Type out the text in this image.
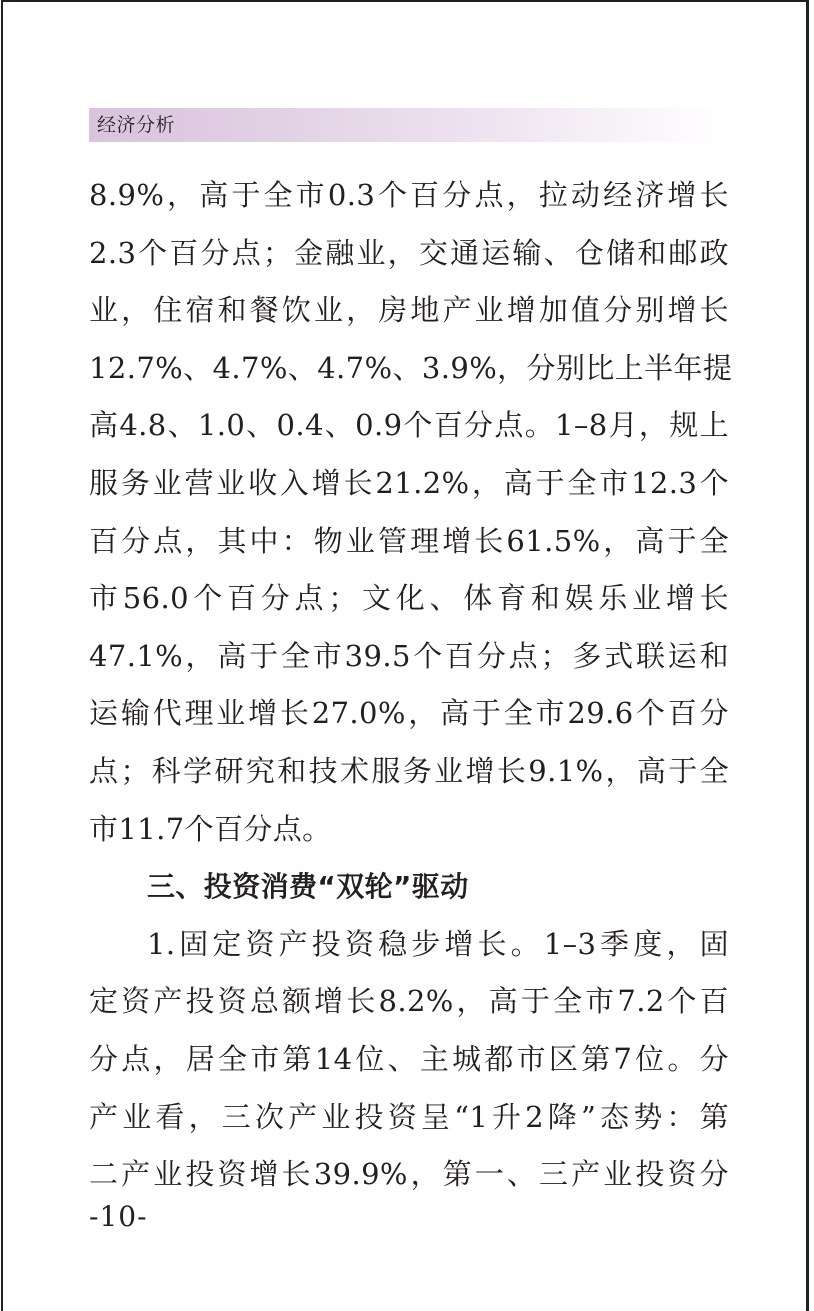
经济分析
8.9%，高于全市0.3个百分点，拉动经济增长
2.3个百分点；金融业，交通运输、仓储和邮政
业，住宿和餐饮业，房地产业增加值分别增长
12.7%、4.7%、4.7%、3.9%，分别比上半年提
高4.8、1.0、0.4、0.9个百分点。1–8月，规上
服务业营业收入增长21.2%，高于全市12.3个
百分点，其中：物业管理增长61.5%，高于全
市56.0个百分点；文化、体育和娱乐业增长
47.1%，高于全市39.5个百分点；多式联运和
运输代理业增长27.0%，高于全市29.6个百分
点；科学研究和技术服务业增长9.1%，高于全
市11.7个百分点。
三、投资消费“双轮”驱动
1.固定资产投资稳步增长。1–3季度，固
定资产投资总额增长8.2%，高于全市7.2个百
分点，居全市第14位、主城都市区第7位。分
产业看，三次产业投资呈“1升2降”态势：第
二产业投资增长39.9%，第一、三产业投资分
-10-
